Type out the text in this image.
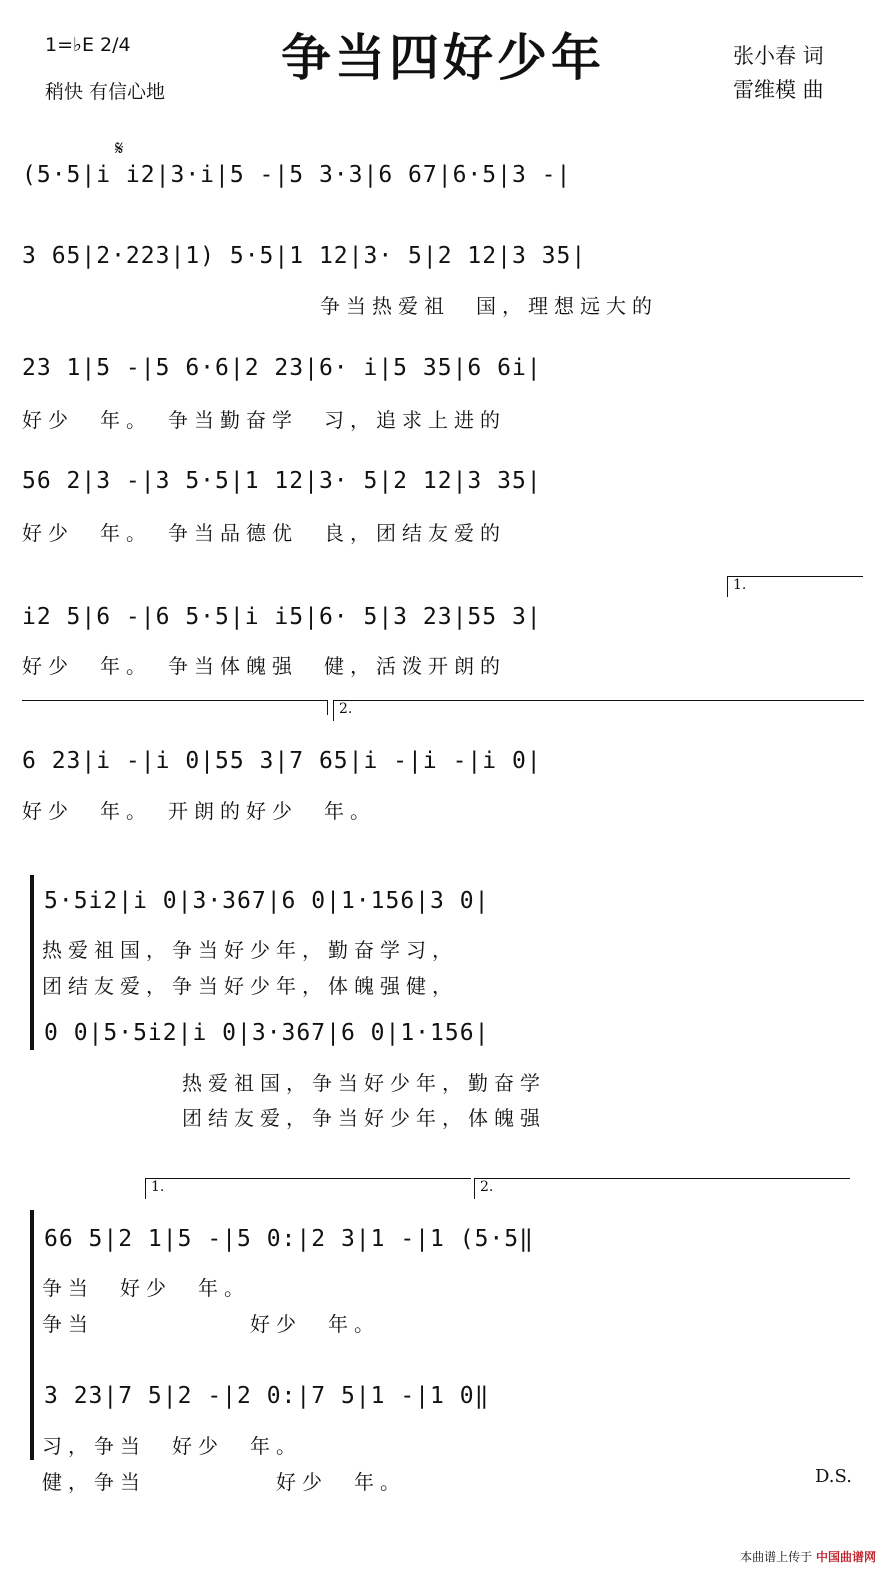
1=♭E 2/4
稍快 有信心地
争当四好少年	张小春 词
雷维模 曲
𝄋
(5·5|i i2|3·i|5 -|5 3·3|6 67|6·5|3 -|
3 65|2·223|1) 5·5|1 12|3· 5|2 12|3 35|
争当热爱祖　国，理想远大的
23 1|5 -|5 6·6|2 23|6· i|5 35|6 6i|
好少　年。　争当勤奋学　习，追求上进的
56 2|3 -|3 5·5|1 12|3· 5|2 12|3 35|
好少　年。　争当品德优　良，团结友爱的
1.
i2 5|6 -|6 5·5|i i5|6· 5|3 23|55 3|
好少　年。　争当体魄强　健，活泼开朗的
2.
6 23|i -|i 0|55 3|7 65|i -|i -|i 0|
好少　年。　开朗的好少　年。
5·5i2|i 0|3·367|6 0|1·156|3 0|
热爱祖国，争当好少年，勤奋学习，
团结友爱，争当好少年，体魄强健，
0 0|5·5i2|i 0|3·367|6 0|1·156|
热爱祖国，争当好少年，勤奋学
团结友爱，争当好少年，体魄强
1.	2.
66 5|2 1|5 -|5 0:|2 3|1 -|1 (5·5‖
争当　好少　年。
争当　　　　　　好少　年。
3 23|7 5|2 -|2 0:|7 5|1 -|1 0‖
习，争当　好少　年。
健，争当　　　　　好少　年。	D.S.
本曲谱上传于 中国曲谱网
